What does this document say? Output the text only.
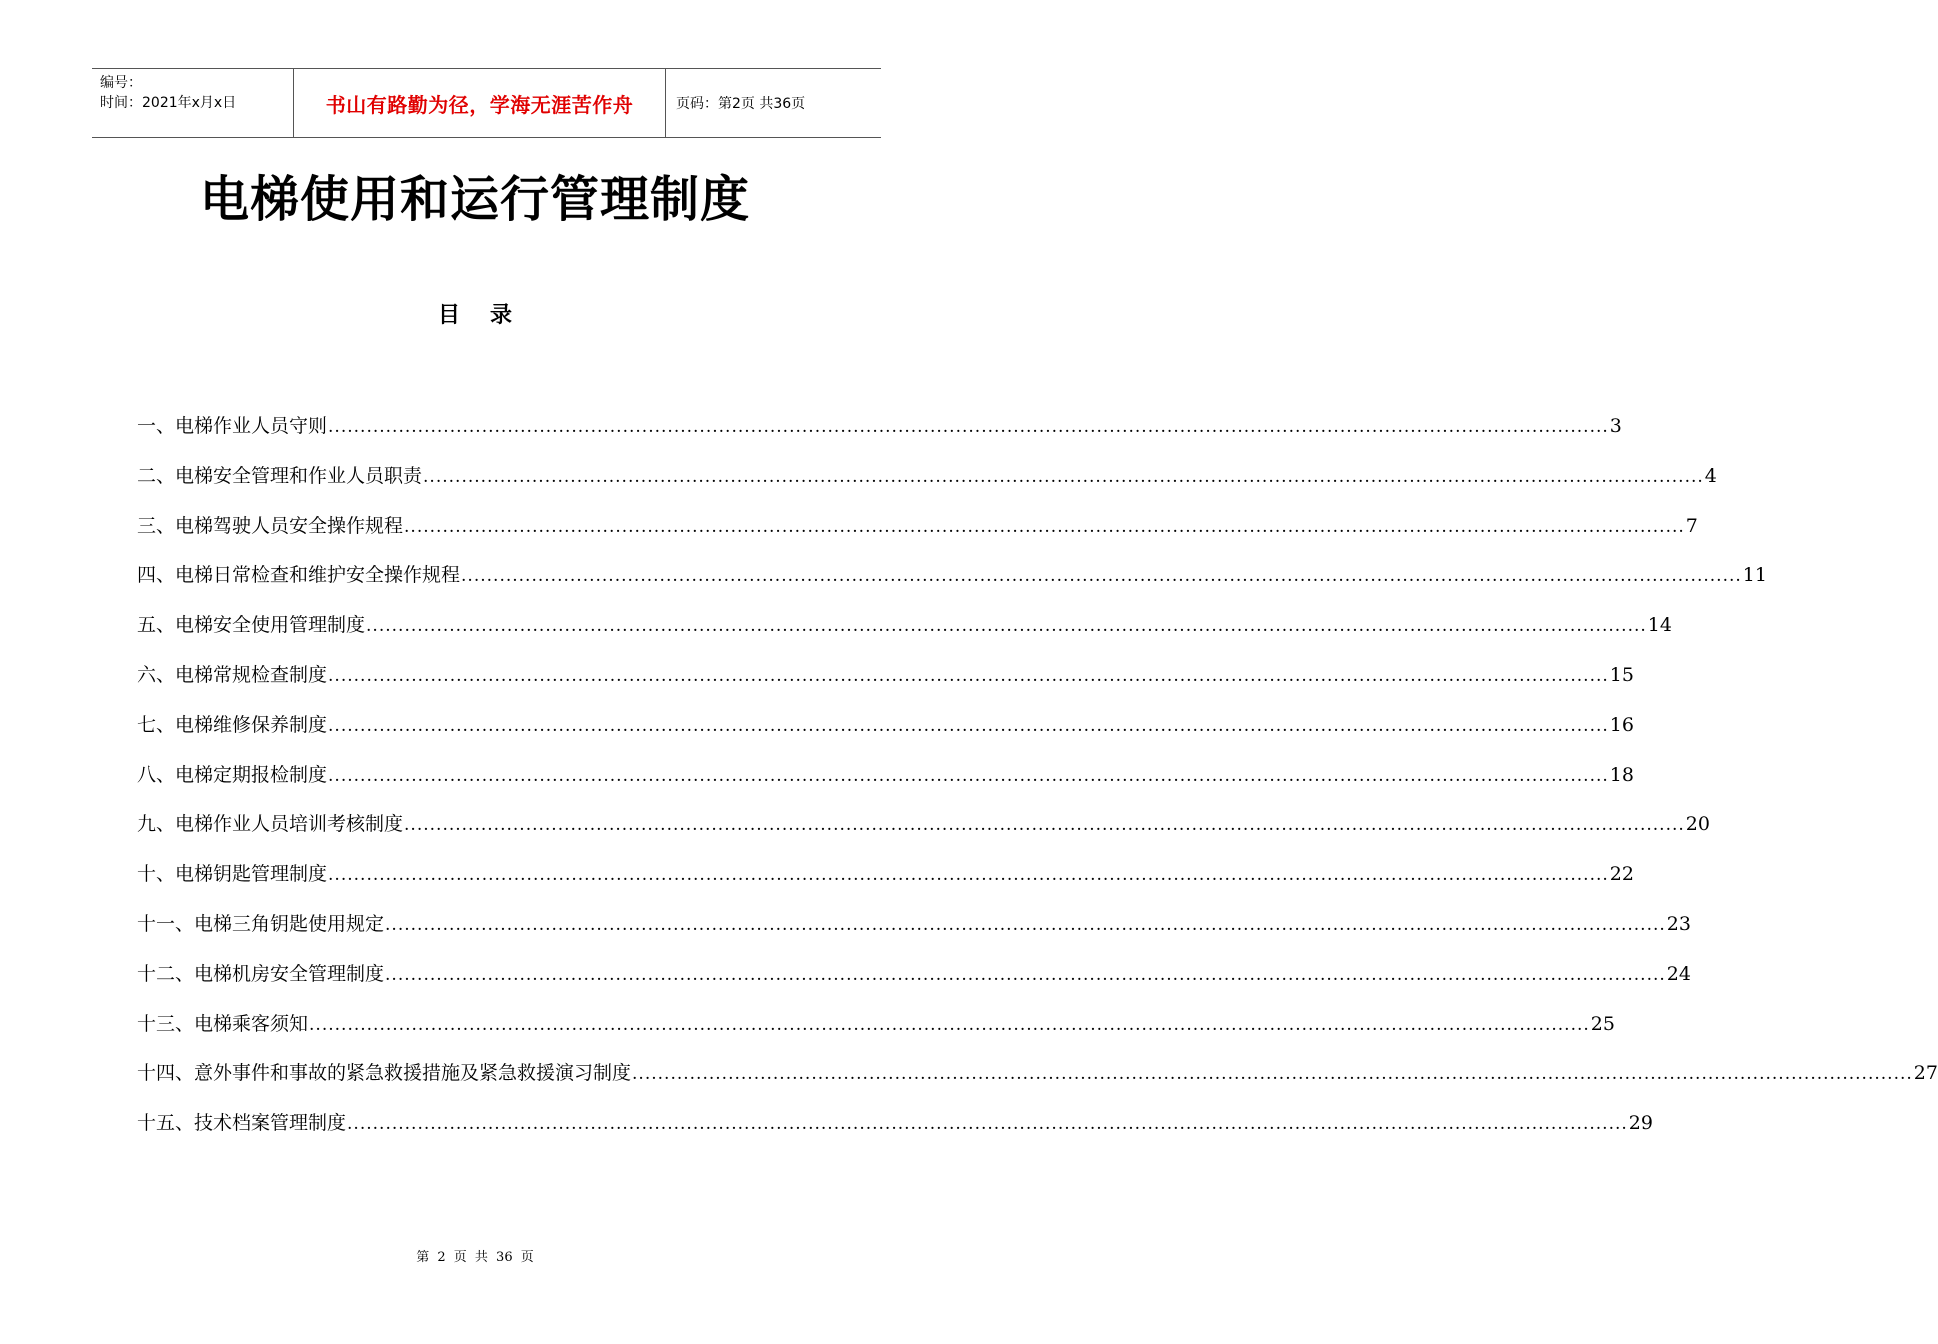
编号：
时间：2021年x月x日	书山有路勤为径，学海无涯苦作舟	页码：第2页 共36页
电梯使用和运行管理制度
目录
一、电梯作业人员守则 ........................................................................................................................................................................................................ 3
二、电梯安全管理和作业人员职责 ........................................................................................................................................................................................................ 4
三、电梯驾驶人员安全操作规程 ........................................................................................................................................................................................................ 7
四、电梯日常检查和维护安全操作规程 ........................................................................................................................................................................................................ 11
五、电梯安全使用管理制度 ........................................................................................................................................................................................................ 14
六、电梯常规检查制度 ........................................................................................................................................................................................................ 15
七、电梯维修保养制度 ........................................................................................................................................................................................................ 16
八、电梯定期报检制度 ........................................................................................................................................................................................................ 18
九、电梯作业人员培训考核制度 ........................................................................................................................................................................................................ 20
十、电梯钥匙管理制度 ........................................................................................................................................................................................................ 22
十一、电梯三角钥匙使用规定 ........................................................................................................................................................................................................ 23
十二、电梯机房安全管理制度 ........................................................................................................................................................................................................ 24
十三、电梯乘客须知 ........................................................................................................................................................................................................ 25
十四、意外事件和事故的紧急救援措施及紧急救援演习制度 ........................................................................................................................................................................................................ 27
十五、技术档案管理制度 ........................................................................................................................................................................................................ 29
第 2 页 共 36 页
